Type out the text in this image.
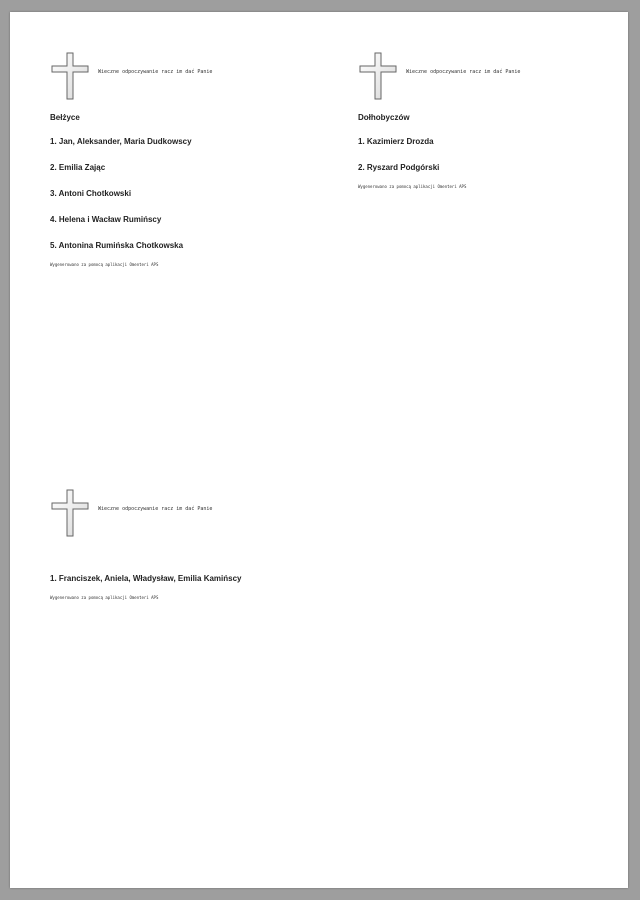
Wieczne odpoczywanie racz im dać Panie
Bełżyce
1. Jan, Aleksander, Maria Dudkowscy
2. Emilia Zając
3. Antoni Chotkowski
4. Helena i Wacław Rumińscy
5. Antonina Rumińska Chotkowska
Wygenerowano za pomocą aplikacji Omenteri APS
Wieczne odpoczywanie racz im dać Panie
Dołhobyczów
1. Kazimierz Drozda
2. Ryszard Podgórski
Wygenerowano za pomocą aplikacji Omenteri APS
Wieczne odpoczywanie racz im dać Panie
1. Franciszek, Aniela, Władysław, Emilia Kamińscy
Wygenerowano za pomocą aplikacji Omenteri APS
